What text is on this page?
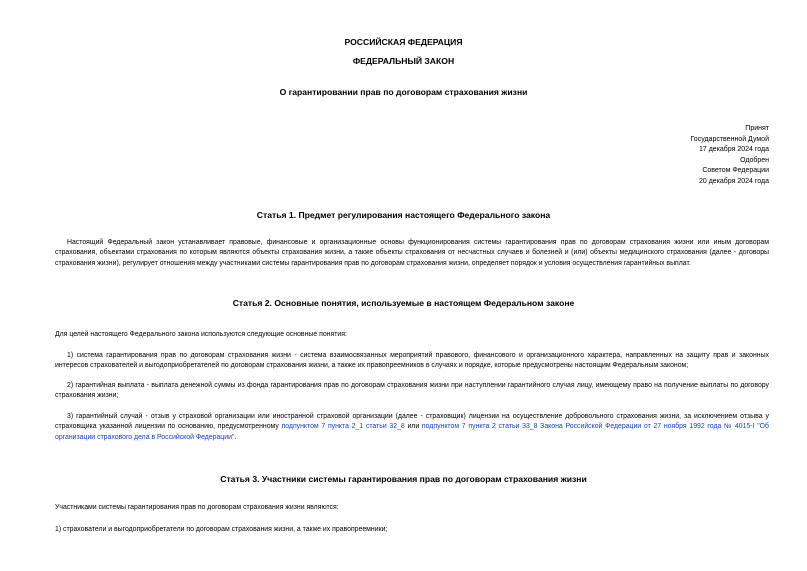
РОССИЙСКАЯ ФЕДЕРАЦИЯ
ФЕДЕРАЛЬНЫЙ ЗАКОН
О гарантировании прав по договорам страхования жизни
Принят
Государственной Думой
17 декабря 2024 года
Одобрен
Советом Федерации
20 декабря 2024 года
Статья 1. Предмет регулирования настоящего Федерального закона
Настоящий Федеральный закон устанавливает правовые, финансовые и организационные основы функционирования системы гарантирования прав по договорам страхования жизни или иным договорам страхования, объектами страхования по которым являются объекты страхования жизни, а также объекты страхования от несчастных случаев и болезней и (или) объекты медицинского страхования (далее - договоры страхования жизни), регулирует отношения между участниками системы гарантирования прав по договорам страхования жизни, определяет порядок и условия осуществления гарантийных выплат.
Статья 2. Основные понятия, используемые в настоящем Федеральном законе
Для целей настоящего Федерального закона используются следующие основные понятия:
1) система гарантирования прав по договорам страхования жизни - система взаимосвязанных мероприятий правового, финансового и организационного характера, направленных на защиту прав и законных интересов страхователей и выгодоприобретателей по договорам страхования жизни, а также их правопреемников в случаях и порядке, которые предусмотрены настоящим Федеральным законом;
2) гарантийная выплата - выплата денежной суммы из фонда гарантирования прав по договорам страхования жизни при наступлении гарантийного случая лицу, имеющему право на получение выплаты по договору страхования жизни;
3) гарантийный случай - отзыв у страховой организации или иностранной страховой организации (далее - страховщик) лицензии на осуществление добровольного страхования жизни, за исключением отзыва у страховщика указанной лицензии по основанию, предусмотренному подпунктом 7 пункта 2_1 статьи 32_8 или подпунктом 7 пункта 2 статьи 33_8 Закона Российской Федерации от 27 ноября 1992 года № 4015-I "Об организации страхового дела в Российской Федерации".
Статья 3. Участники системы гарантирования прав по договорам страхования жизни
Участниками системы гарантирования прав по договорам страхования жизни являются:
1) страхователи и выгодоприобретатели по договорам страхования жизни, а также их правопреемники;
